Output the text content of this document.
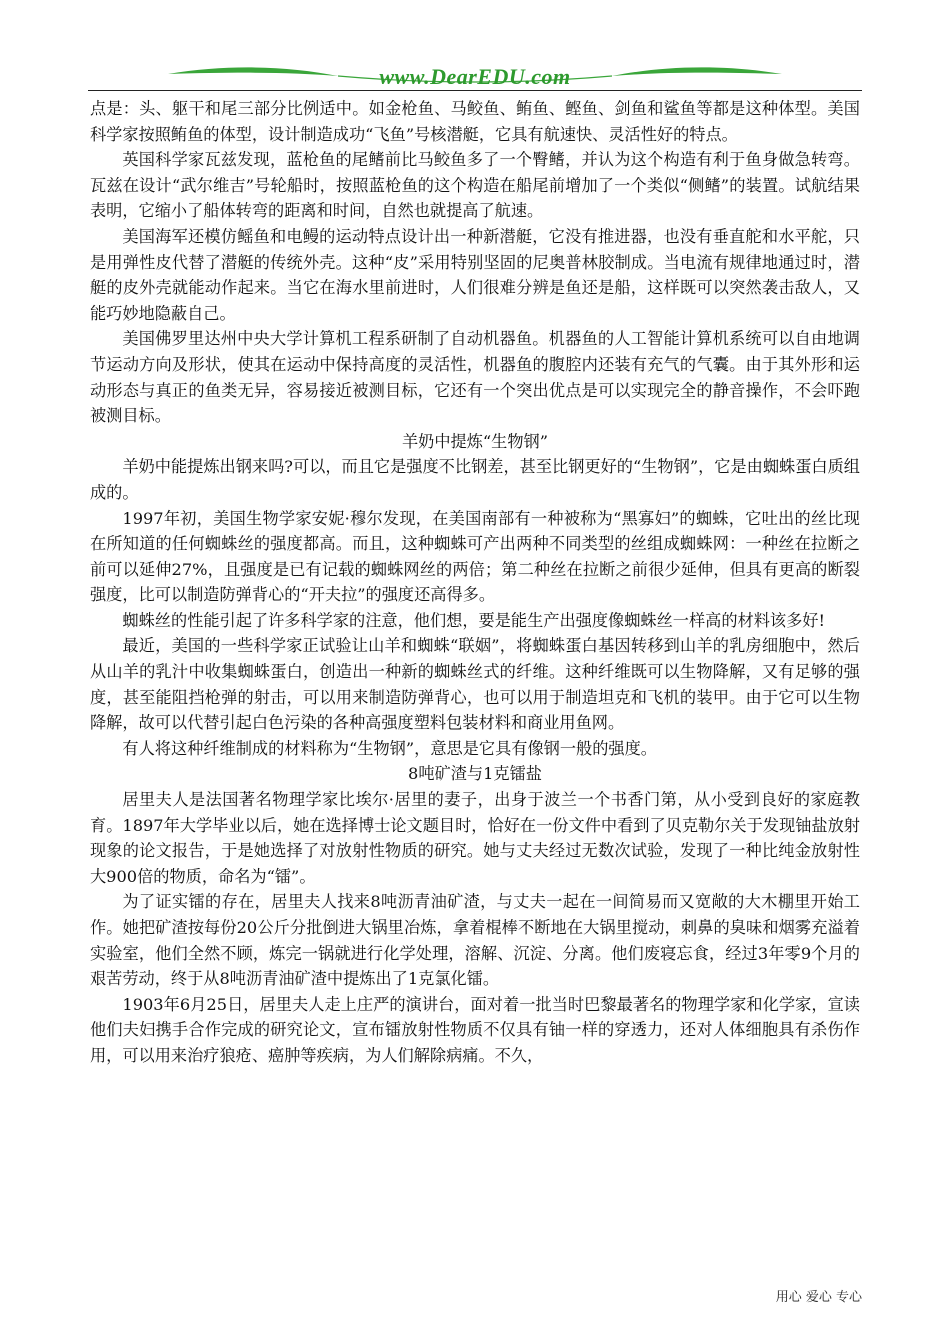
www.DearEDU.com

点是：头、躯干和尾三部分比例适中。如金枪鱼、马鲛鱼、鲔鱼、鲣鱼、剑鱼和鲨鱼等都是这种体型。美国科学家按照鲔鱼的体型，设计制造成功“飞鱼”号核潜艇，它具有航速快、灵活性好的特点。

英国科学家瓦兹发现，蓝枪鱼的尾鳍前比马鲛鱼多了一个臀鳍，并认为这个构造有利于鱼身做急转弯。瓦兹在设计“武尔维吉”号轮船时，按照蓝枪鱼的这个构造在船尾前增加了一个类似“侧鳍”的装置。试航结果表明，它缩小了船体转弯的距离和时间，自然也就提高了航速。

美国海军还模仿鳐鱼和电鳗的运动特点设计出一种新潜艇，它没有推进器，也没有垂直舵和水平舵，只是用弹性皮代替了潜艇的传统外壳。这种“皮”采用特别坚固的尼奥普林胶制成。当电流有规律地通过时，潜艇的皮外壳就能动作起来。当它在海水里前进时，人们很难分辨是鱼还是船，这样既可以突然袭击敌人，又能巧妙地隐蔽自己。

美国佛罗里达州中央大学计算机工程系研制了自动机器鱼。机器鱼的人工智能计算机系统可以自由地调节运动方向及形状，使其在运动中保持高度的灵活性，机器鱼的腹腔内还装有充气的气囊。由于其外形和运动形态与真正的鱼类无异，容易接近被测目标，它还有一个突出优点是可以实现完全的静音操作，不会吓跑被测目标。

羊奶中提炼“生物钢”

羊奶中能提炼出钢来吗?可以，而且它是强度不比钢差，甚至比钢更好的“生物钢”，它是由蜘蛛蛋白质组成的。

1997年初，美国生物学家安妮·穆尔发现，在美国南部有一种被称为“黑寡妇”的蜘蛛，它吐出的丝比现在所知道的任何蜘蛛丝的强度都高。而且，这种蜘蛛可产出两种不同类型的丝组成蜘蛛网：一种丝在拉断之前可以延伸27%，且强度是已有记载的蜘蛛网丝的两倍；第二种丝在拉断之前很少延伸，但具有更高的断裂强度，比可以制造防弹背心的“开夫拉”的强度还高得多。

蜘蛛丝的性能引起了许多科学家的注意，他们想，要是能生产出强度像蜘蛛丝一样高的材料该多好!

最近，美国的一些科学家正试验让山羊和蜘蛛“联姻”，将蜘蛛蛋白基因转移到山羊的乳房细胞中，然后从山羊的乳汁中收集蜘蛛蛋白，创造出一种新的蜘蛛丝式的纤维。这种纤维既可以生物降解，又有足够的强度，甚至能阻挡枪弹的射击，可以用来制造防弹背心，也可以用于制造坦克和飞机的装甲。由于它可以生物降解，故可以代替引起白色污染的各种高强度塑料包装材料和商业用鱼网。

有人将这种纤维制成的材料称为“生物钢”，意思是它具有像钢一般的强度。

8吨矿渣与1克镭盐

居里夫人是法国著名物理学家比埃尔·居里的妻子，出身于波兰一个书香门第，从小受到良好的家庭教育。1897年大学毕业以后，她在选择博士论文题目时，恰好在一份文件中看到了贝克勒尔关于发现铀盐放射现象的论文报告，于是她选择了对放射性物质的研究。她与丈夫经过无数次试验，发现了一种比纯金放射性大900倍的物质，命名为“镭”。

为了证实镭的存在，居里夫人找来8吨沥青油矿渣，与丈夫一起在一间简易而又宽敞的大木棚里开始工作。她把矿渣按每份20公斤分批倒进大锅里冶炼，拿着棍棒不断地在大锅里搅动，刺鼻的臭味和烟雾充溢着实验室，他们全然不顾，炼完一锅就进行化学处理，溶解、沉淀、分离。他们废寝忘食，经过3年零9个月的艰苦劳动，终于从8吨沥青油矿渣中提炼出了1克氯化镭。

1903年6月25日，居里夫人走上庄严的演讲台，面对着一批当时巴黎最著名的物理学家和化学家，宣读他们夫妇携手合作完成的研究论文，宣布镭放射性物质不仅具有铀一样的穿透力，还对人体细胞具有杀伤作用，可以用来治疗狼疮、癌肿等疾病，为人们解除病痛。不久，

用心 爱心 专心
